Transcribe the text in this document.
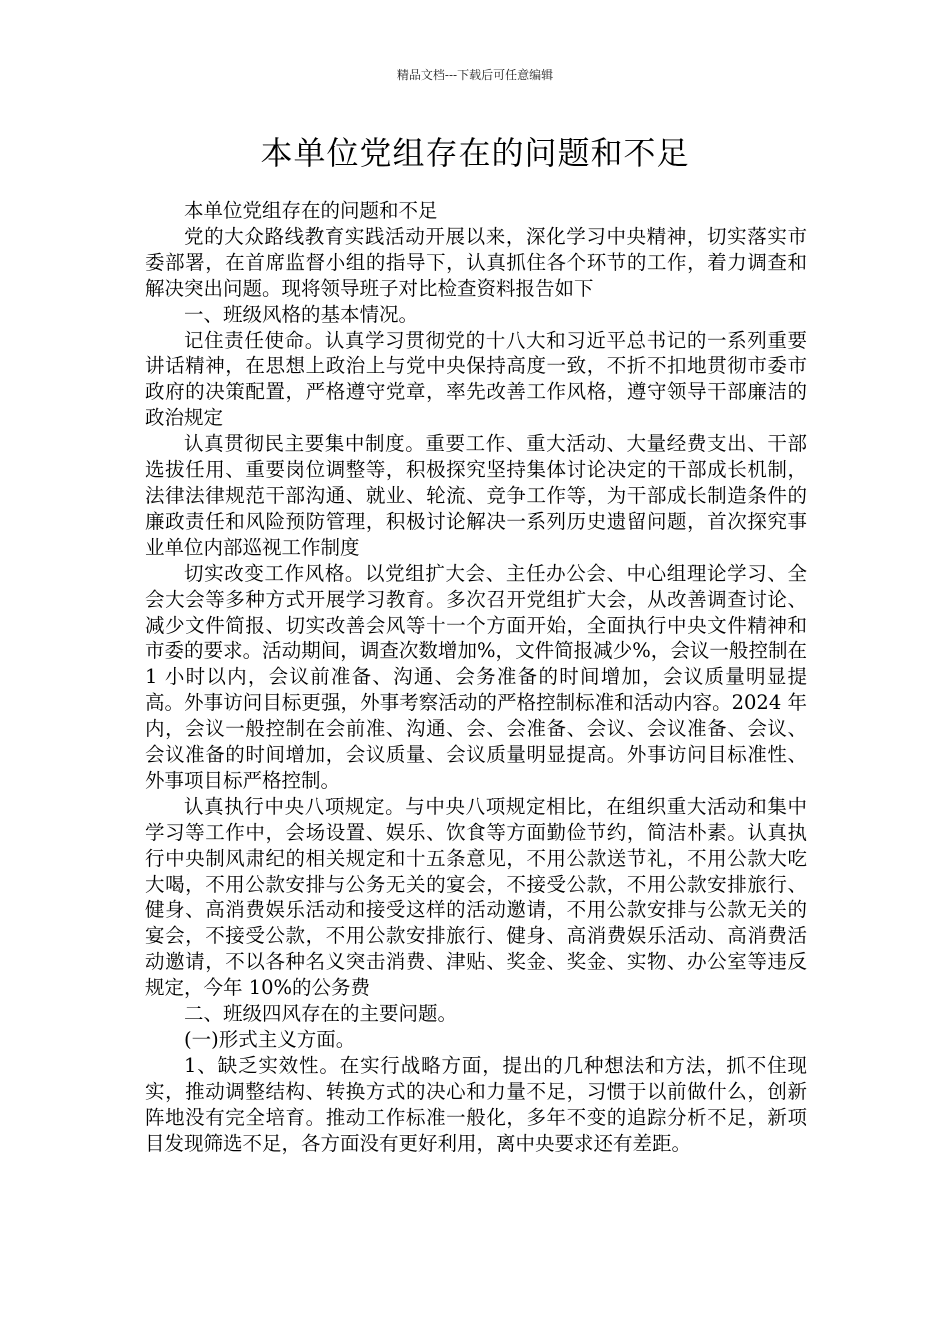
精品文档---下载后可任意编辑
本单位党组存在的问题和不足

本单位党组存在的问题和不足

党的大众路线教育实践活动开展以来，深化学习中央精神，切实落实市委部署，在首席监督小组的指导下，认真抓住各个环节的工作，着力调查和解决突出问题。现将领导班子对比检查资料报告如下

一、班级风格的基本情况。

记住责任使命。认真学习贯彻党的十八大和习近平总书记的一系列重要讲话精神，在思想上政治上与党中央保持高度一致，不折不扣地贯彻市委市政府的决策配置，严格遵守党章，率先改善工作风格，遵守领导干部廉洁的政治规定

认真贯彻民主要集中制度。重要工作、重大活动、大量经费支出、干部选拔任用、重要岗位调整等，积极探究坚持集体讨论决定的干部成长机制，法律法律规范干部沟通、就业、轮流、竞争工作等，为干部成长制造条件的廉政责任和风险预防管理，积极讨论解决一系列历史遗留问题，首次探究事业单位内部巡视工作制度

切实改变工作风格。以党组扩大会、主任办公会、中心组理论学习、全会大会等多种方式开展学习教育。多次召开党组扩大会，从改善调查讨论、减少文件简报、切实改善会风等十一个方面开始，全面执行中央文件精神和市委的要求。活动期间，调查次数增加%，文件简报减少%，会议一般控制在 1 小时以内，会议前准备、沟通、会务准备的时间增加，会议质量明显提高。外事访问目标更强，外事考察活动的严格控制标准和活动内容。2024 年内，会议一般控制在会前准、沟通、会、会准备、会议、会议准备、会议、会议准备的时间增加，会议质量、会议质量明显提高。外事访问目标准性、外事项目标严格控制。

认真执行中央八项规定。与中央八项规定相比，在组织重大活动和集中学习等工作中，会场设置、娱乐、饮食等方面勤俭节约，简洁朴素。认真执行中央制风肃纪的相关规定和十五条意见，不用公款送节礼，不用公款大吃大喝，不用公款安排与公务无关的宴会，不接受公款，不用公款安排旅行、健身、高消费娱乐活动和接受这样的活动邀请，不用公款安排与公款无关的宴会，不接受公款，不用公款安排旅行、健身、高消费娱乐活动、高消费活动邀请，不以各种名义突击消费、津贴、奖金、奖金、实物、办公室等违反规定，今年 10%的公务费

二、班级四风存在的主要问题。

(一)形式主义方面。

1、缺乏实效性。在实行战略方面，提出的几种想法和方法，抓不住现实，推动调整结构、转换方式的决心和力量不足，习惯于以前做什么，创新阵地没有完全培育。推动工作标准一般化，多年不变的追踪分析不足，新项目发现筛选不足，各方面没有更好利用，离中央要求还有差距。
